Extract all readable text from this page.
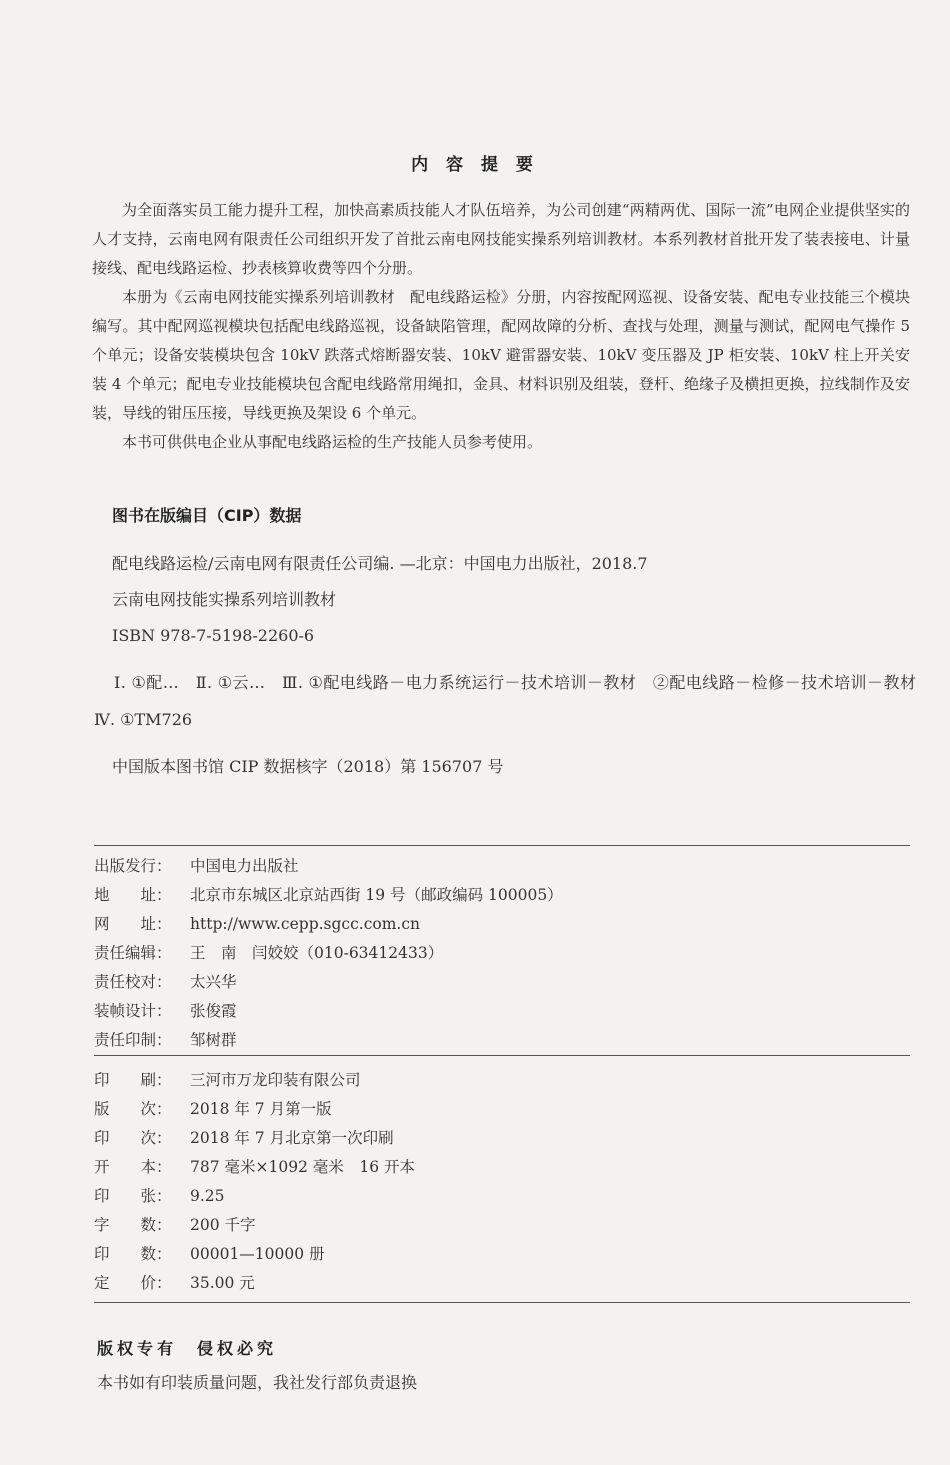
内 容 提 要

为全面落实员工能力提升工程，加快高素质技能人才队伍培养，为公司创建“两精两优、国际一流”电网企业提供坚实的人才支持，云南电网有限责任公司组织开发了首批云南电网技能实操系列培训教材。本系列教材首批开发了装表接电、计量接线、配电线路运检、抄表核算收费等四个分册。

本册为《云南电网技能实操系列培训教材　配电线路运检》分册，内容按配网巡视、设备安装、配电专业技能三个模块编写。其中配网巡视模块包括配电线路巡视，设备缺陷管理，配网故障的分析、查找与处理，测量与测试，配网电气操作 5 个单元；设备安装模块包含 10kV 跌落式熔断器安装、10kV 避雷器安装、10kV 变压器及 JP 柜安装、10kV 柱上开关安装 4 个单元；配电专业技能模块包含配电线路常用绳扣，金具、材料识别及组装，登杆、绝缘子及横担更换，拉线制作及安装，导线的钳压压接，导线更换及架设 6 个单元。

本书可供供电企业从事配电线路运检的生产技能人员参考使用。

图书在版编目（CIP）数据
配电线路运检/云南电网有限责任公司编. —北京：中国电力出版社，2018.7
云南电网技能实操系列培训教材
ISBN 978-7-5198-2260-6
Ⅰ. ①配…　Ⅱ. ①云…　Ⅲ. ①配电线路－电力系统运行－技术培训－教材　②配电线路－检修－技术培训－教材　Ⅳ. ①TM726
中国版本图书馆 CIP 数据核字（2018）第 156707 号
出版发行：	中国电力出版社
地　　址：	北京市东城区北京站西街 19 号（邮政编码 100005）
网　　址：	http://www.cepp.sgcc.com.cn
责任编辑：	王　南　闫姣姣（010-63412433）
责任校对：	太兴华
装帧设计：	张俊霞
责任印制：	邹树群
印　　刷：	三河市万龙印装有限公司
版　　次：	2018 年 7 月第一版
印　　次：	2018 年 7 月北京第一次印刷
开　　本：	787 毫米×1092 毫米　16 开本
印　　张：	9.25
字　　数：	200 千字
印　　数：	00001—10000 册
定　　价：	35.00 元
版权专有　侵权必究
本书如有印装质量问题，我社发行部负责退换
